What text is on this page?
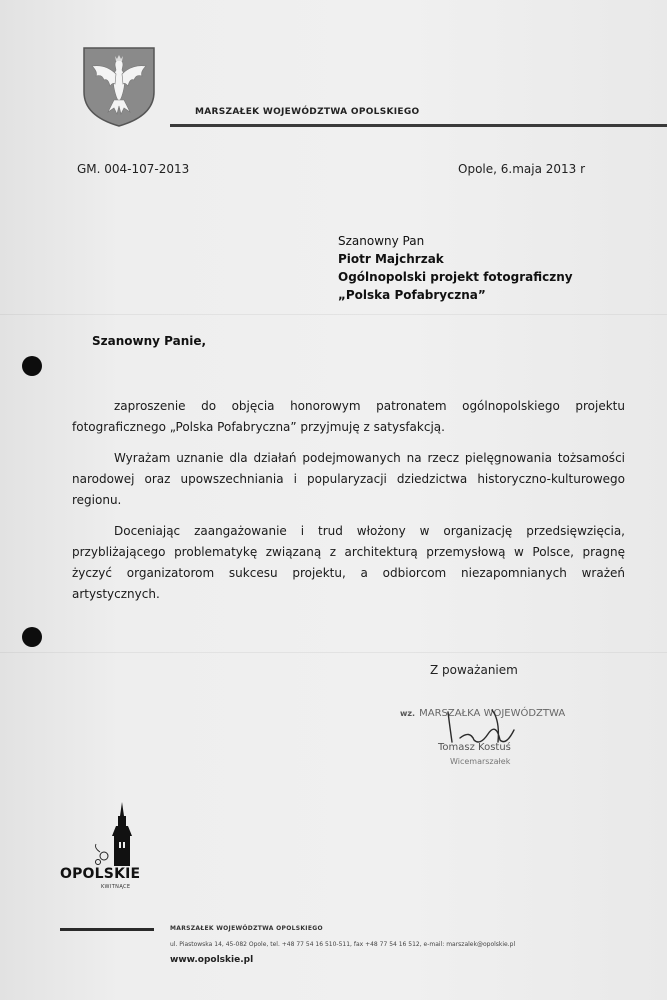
MARSZAŁEK WOJEWÓDZTWA OPOLSKIEGO
GM. 004-107-2013	Opole, 6.maja 2013 r
Szanowny Pan
Piotr Majchrzak
Ogólnopolski projekt fotograficzny
„Polska Pofabryczna”
Szanowny Panie,

zaproszenie do objęcia honorowym patronatem ogólnopolskiego projektu fotograficznego „Polska Pofabryczna” przyjmuję z satysfakcją.

Wyrażam uznanie dla działań podejmowanych na rzecz pielęgnowania tożsamości narodowej oraz upowszechniania i popularyzacji dziedzictwa historyczno-kulturowego regionu.

Doceniając zaangażowanie i trud włożony w organizację przedsięwzięcia, przybliżającego problematykę związaną z architekturą przemysłową w Polsce, pragnę życzyć organizatorom sukcesu projektu, a odbiorcom niezapomnianych wrażeń artystycznych.

Z poważaniem
wz. MARSZAŁKA WOJEWÓDZTWA
Tomasz Kostuś
Wicemarszałek
OPOLSKIE
KWITNĄCE
MARSZAŁEK WOJEWÓDZTWA OPOLSKIEGO
ul. Piastowska 14, 45-082 Opole, tel. +48 77 54 16 510-511, fax +48 77 54 16 512, e-mail: marszalek@opolskie.pl
www.opolskie.pl
